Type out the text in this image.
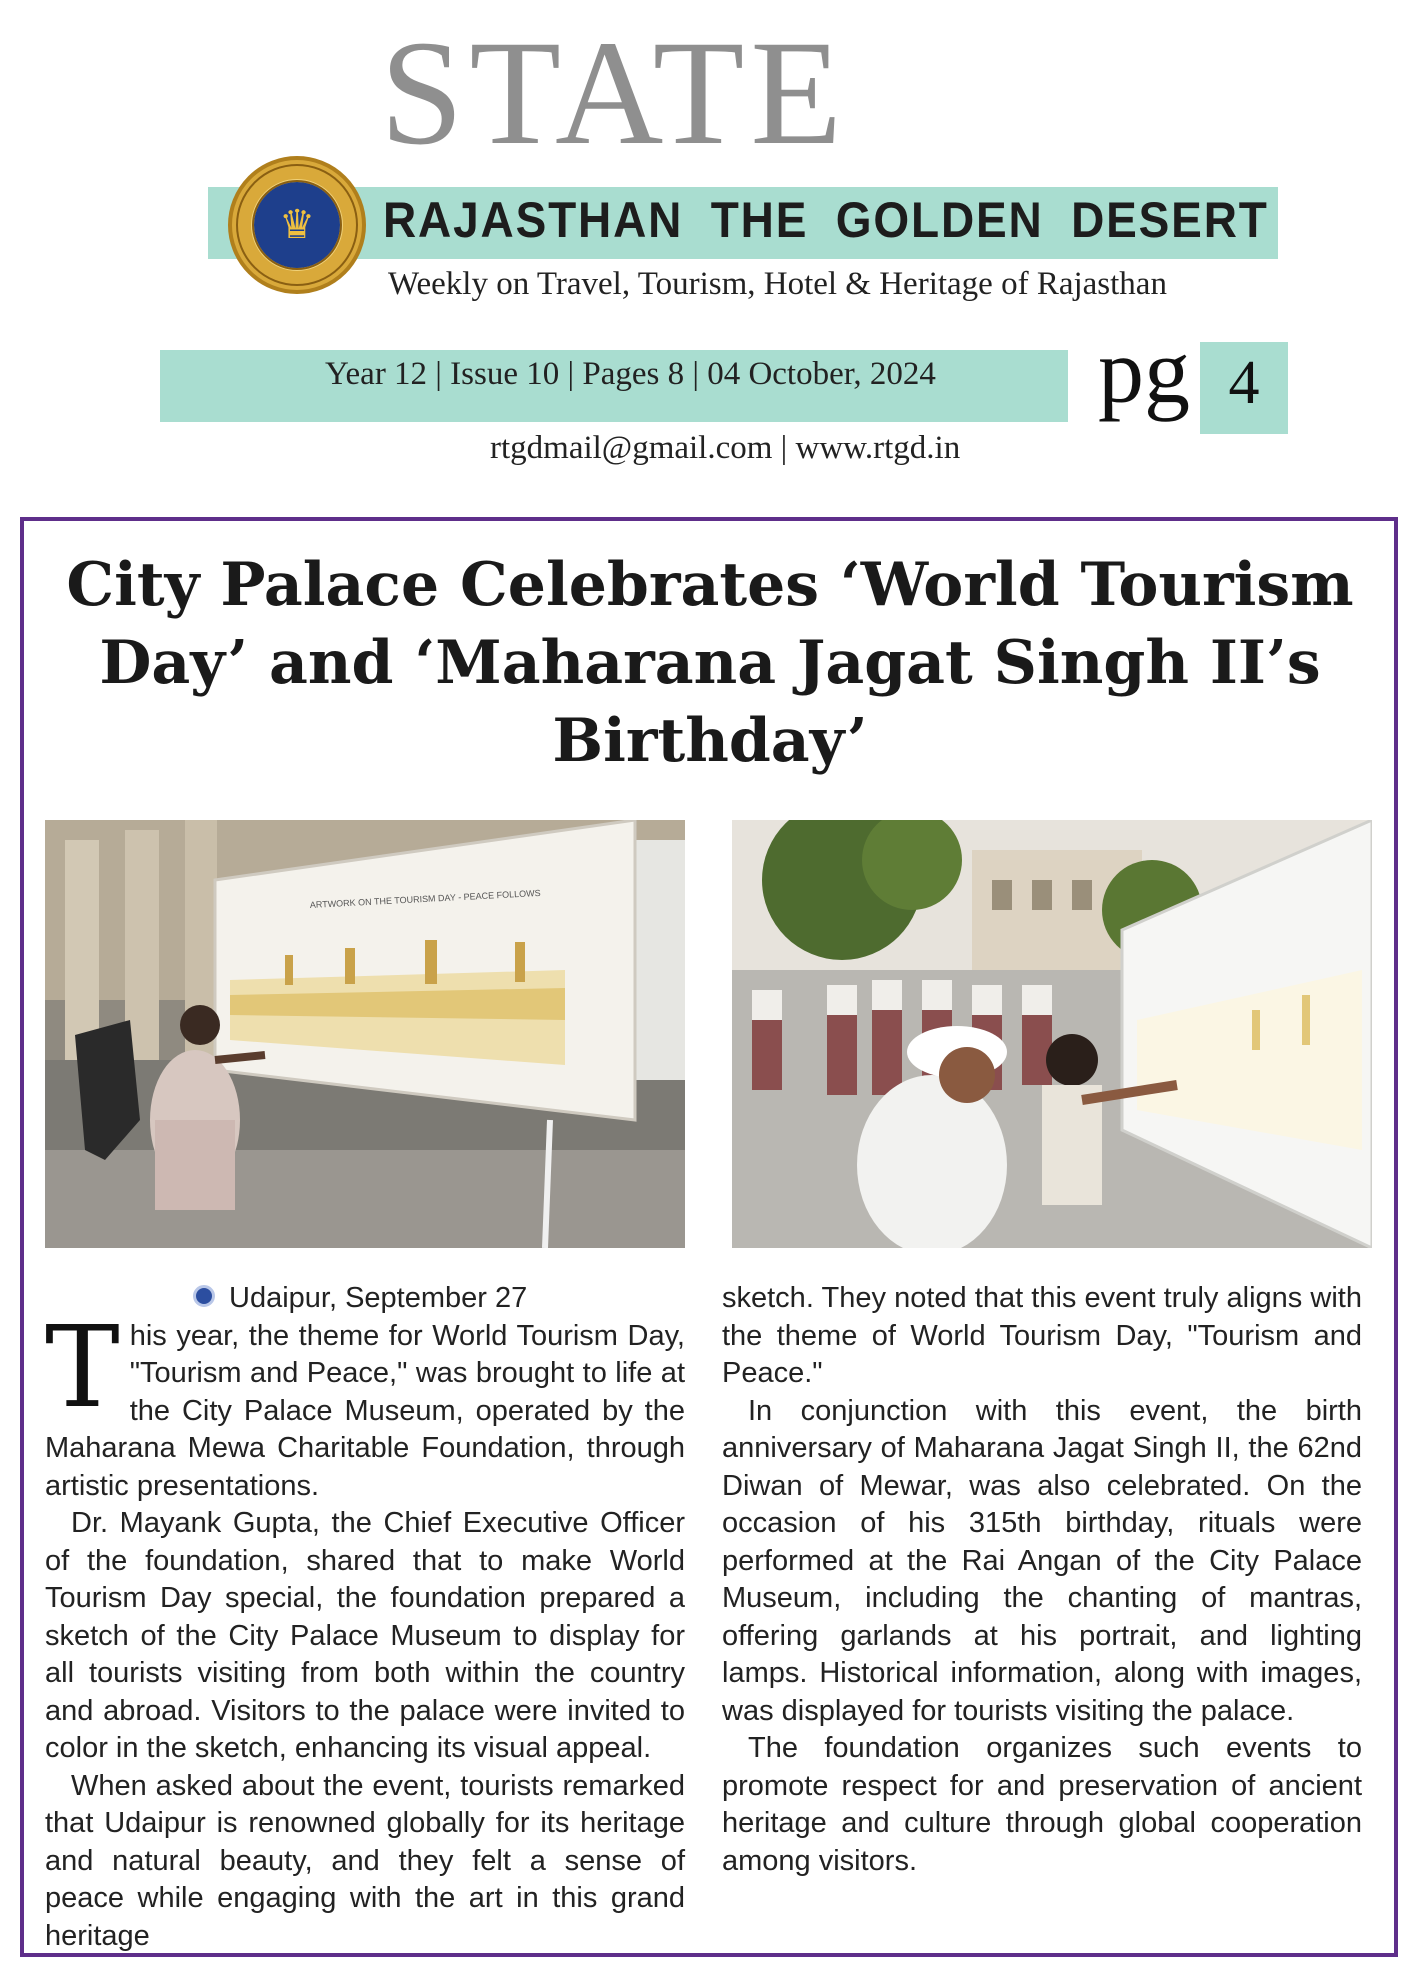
STATE
♛	RAJASTHAN THE GOLDEN DESERT
Weekly on Travel, Tourism, Hotel & Heritage of Rajasthan
Year 12 | Issue 10 | Pages 8 | 04 October, 2024 pg 4
rtgdmail@gmail.com | www.rtgd.in
City Palace Celebrates ‘World Tourism Day’ and ‘Maharana Jagat Singh II’s Birthday’
ARTWORK ON THE TOURISM DAY - PEACE FOLLOWS
Udaipur, September 27

This year, the theme for World Tourism Day, "Tourism and Peace," was brought to life at the City Palace Museum, operated by the Maharana Mewa Charitable Foundation, through artistic presentations.

Dr. Mayank Gupta, the Chief Executive Officer of the foundation, shared that to make World Tourism Day special, the foundation prepared a sketch of the City Palace Museum to display for all tourists visiting from both within the country and abroad. Visitors to the palace were invited to color in the sketch, enhancing its visual appeal.

When asked about the event, tourists remarked that Udaipur is renowned globally for its heritage and natural beauty, and they felt a sense of peace while engaging with the art in this grand heritage

sketch. They noted that this event truly aligns with the theme of World Tourism Day, "Tourism and Peace."

In conjunction with this event, the birth anniversary of Maharana Jagat Singh II, the 62nd Diwan of Mewar, was also celebrated. On the occasion of his 315th birthday, rituals were performed at the Rai Angan of the City Palace Museum, including the chanting of mantras, offering garlands at his portrait, and lighting lamps. Historical information, along with images, was displayed for tourists visiting the palace.

The foundation organizes such events to promote respect for and preservation of ancient heritage and culture through global cooperation among visitors.
